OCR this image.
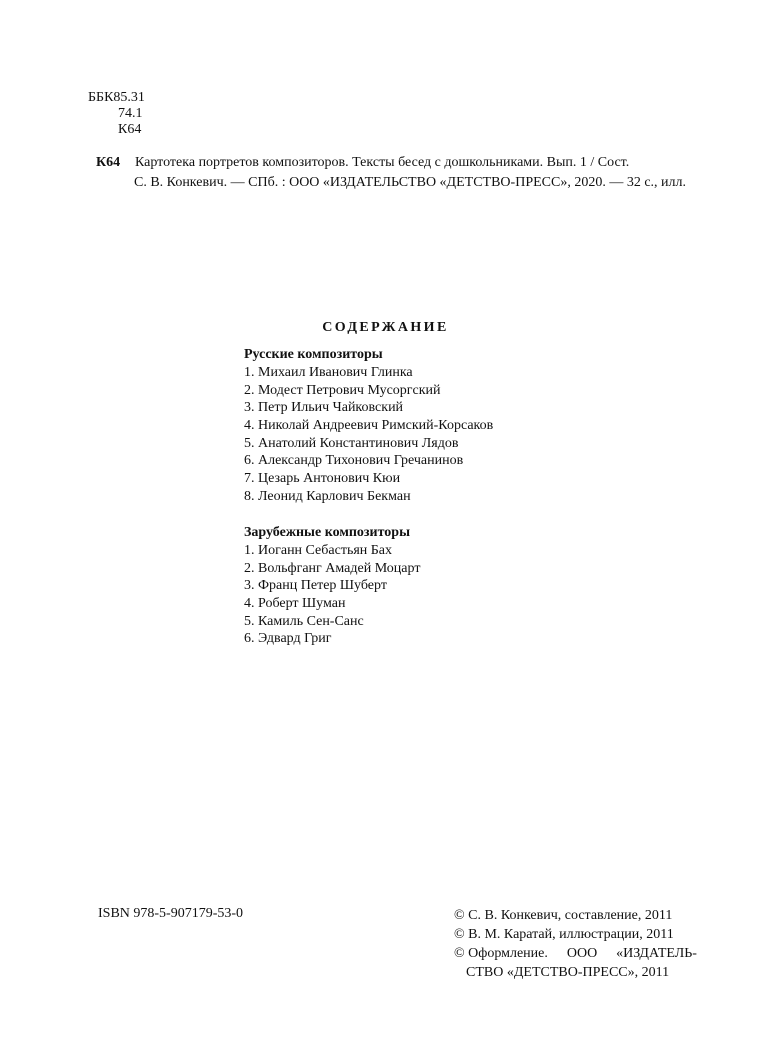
ББК85.31
74.1
К64
К64 Картотека портретов композиторов. Тексты бесед с дошкольниками. Вып. 1 / Сост.
С. В. Конкевич. — СПб. : ООО «ИЗДАТЕЛЬСТВО «ДЕТСТВО-ПРЕСС», 2020. — 32 с., илл.
СОДЕРЖАНИЕ
Русские композиторы
1. Михаил Иванович Глинка
2. Модест Петрович Мусоргский
3. Петр Ильич Чайковский
4. Николай Андреевич Римский-Корсаков
5. Анатолий Константинович Лядов
6. Александр Тихонович Гречанинов
7. Цезарь Антонович Кюи
8. Леонид Карлович Бекман
Зарубежные композиторы
1. Иоганн Себастьян Бах
2. Вольфганг Амадей Моцарт
3. Франц Петер Шуберт
4. Роберт Шуман
5. Камиль Сен-Санс
6. Эдвард Григ
ISBN 978-5-907179-53-0	© С. В. Конкевич, составление, 2011
© В. М. Каратай, иллюстрации, 2011
© Оформление. ООО «ИЗДАТЕЛЬ-
СТВО «ДЕТСТВО-ПРЕСС», 2011
